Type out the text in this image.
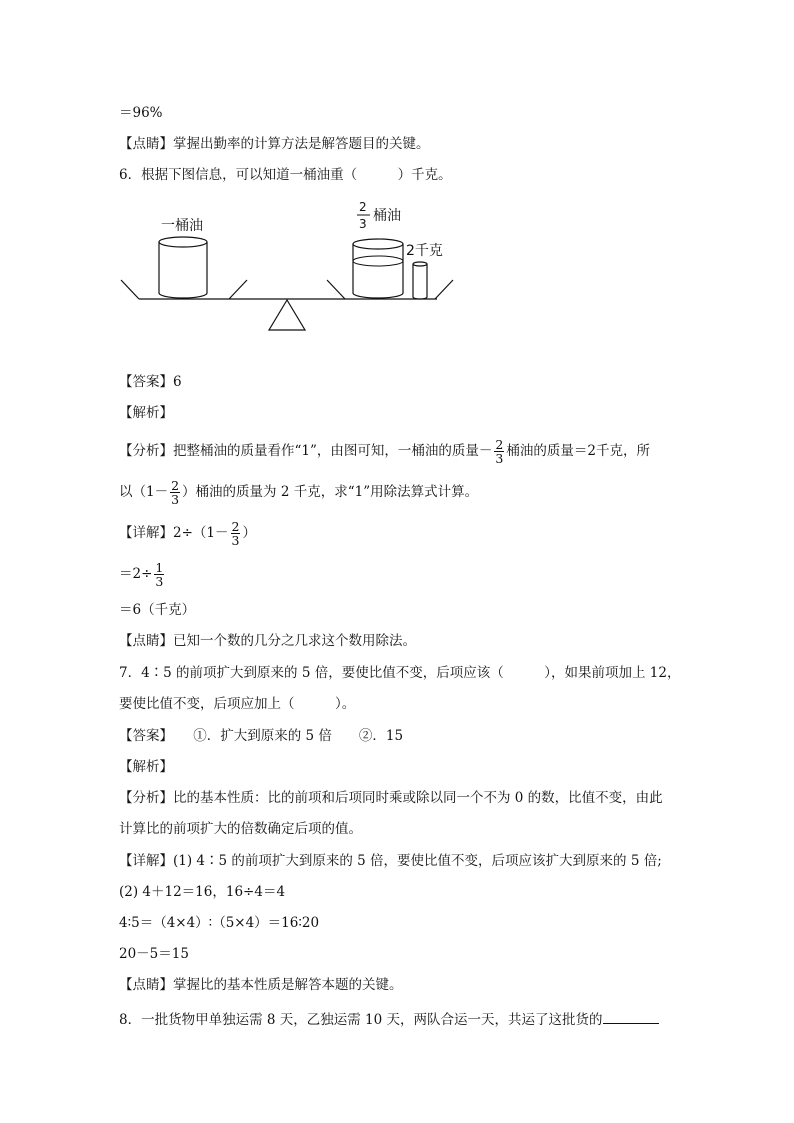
＝96%
【点睛】掌握出勤率的计算方法是解答题目的关键。
6．根据下图信息，可以知道一桶油重（　　　）千克。
一桶油
2
3 桶油
2千克
【答案】6
【解析】
【分析】把整桶油的质量看作“1”，由图可知，一桶油的质量－ $\frac{2}{3}$ 桶油的质量＝2千克，所
以（$1- \frac{2}{3}$ ）桶油的质量为 2 千克，求“1”用除法算式计算。
【详解】$2\div(1- \frac{2}{3}$ ）
$=2\div \frac{1}{3}$
＝6（千克）
【点睛】已知一个数的几分之几求这个数用除法。
7．4∶5 的前项扩大到原来的 5 倍，要使比值不变，后项应该（　　　），如果前项加上 12，
要使比值不变，后项应加上（　　　）。
【答案】　　①．扩大到原来的 5 倍　　②．15
【解析】
【分析】比的基本性质：比的前项和后项同时乘或除以同一个不为 0 的数，比值不变，由此
计算比的前项扩大的倍数确定后项的值。
【详解】(1) 4∶5 的前项扩大到原来的 5 倍，要使比值不变，后项应该扩大到原来的 5 倍;
(2) 4＋12＝16，16÷4＝4
4∶5＝（4×4）∶（5×4）＝16∶20
20－5＝15
【点睛】掌握比的基本性质是解答本题的关键。
8．一批货物甲单独运需 8 天，乙独运需 10 天，两队合运一天，共运了这批货的
